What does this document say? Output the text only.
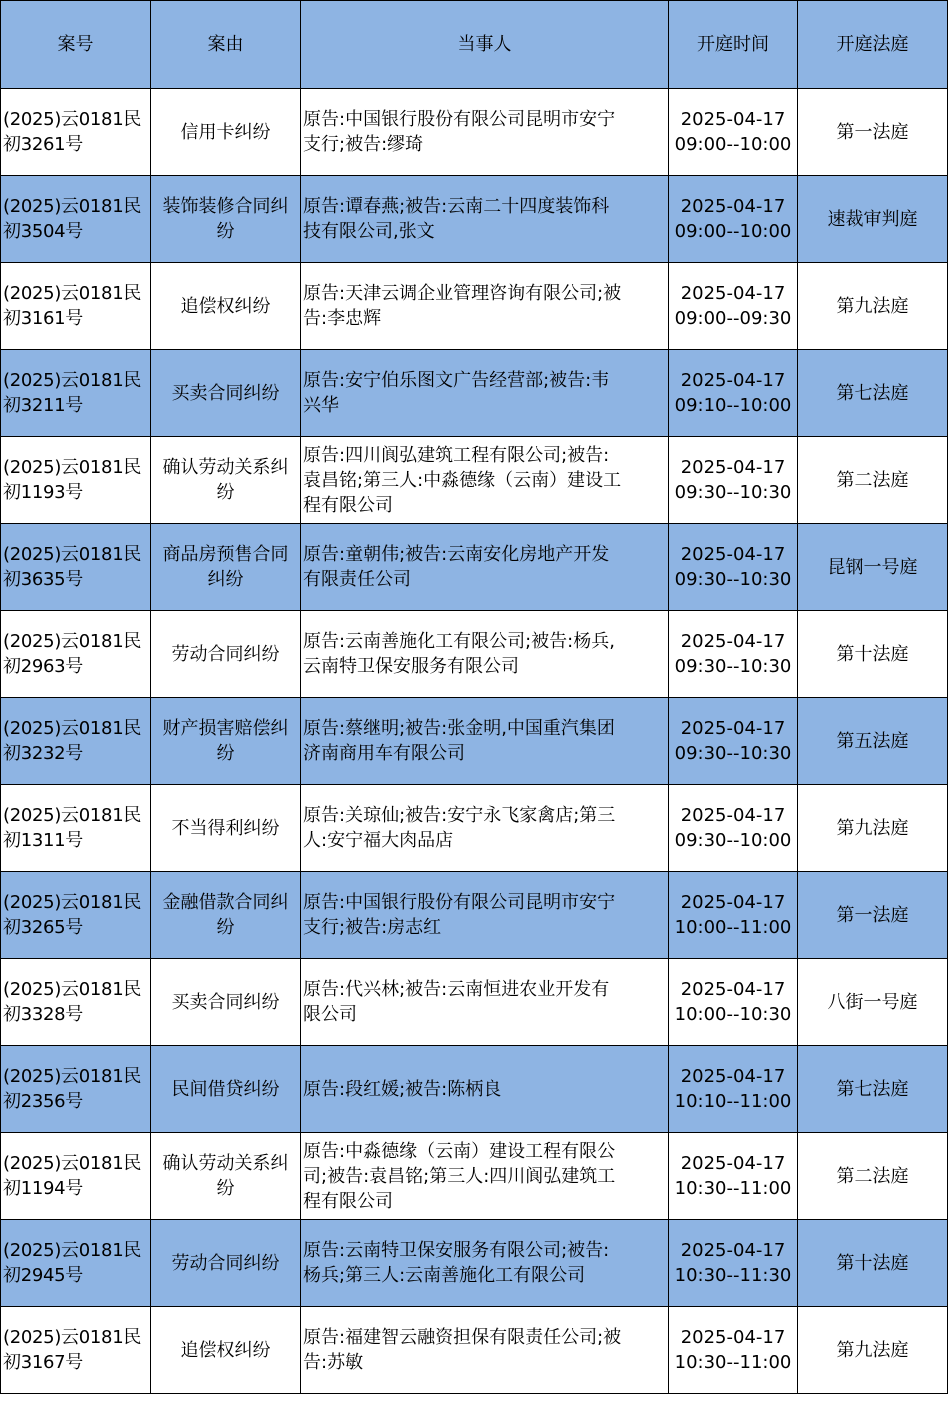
案号	案由	当事人	开庭时间	开庭法庭

(2025)云0181民
初3261号	信用卡纠纷	原告:中国银行股份有限公司昆明市安宁
支行;被告:缪琦	2025-04-17
09:00--10:00	第一法庭

(2025)云0181民
初3504号	装饰装修合同纠
纷	原告:谭春燕;被告:云南二十四度装饰科
技有限公司,张文	2025-04-17
09:00--10:00	速裁审判庭

(2025)云0181民
初3161号	追偿权纠纷	原告:天津云调企业管理咨询有限公司;被
告:李忠辉	2025-04-17
09:00--09:30	第九法庭

(2025)云0181民
初3211号	买卖合同纠纷	原告:安宁伯乐图文广告经营部;被告:韦
兴华	2025-04-17
09:10--10:00	第七法庭

(2025)云0181民
初1193号	确认劳动关系纠
纷	原告:四川阆弘建筑工程有限公司;被告:
袁昌铭;第三人:中淼德缘（云南）建设工
程有限公司	2025-04-17
09:30--10:30	第二法庭

(2025)云0181民
初3635号	商品房预售合同
纠纷	原告:童朝伟;被告:云南安化房地产开发
有限责任公司	2025-04-17
09:30--10:30	昆钢一号庭

(2025)云0181民
初2963号	劳动合同纠纷	原告:云南善施化工有限公司;被告:杨兵,
云南特卫保安服务有限公司	2025-04-17
09:30--10:30	第十法庭

(2025)云0181民
初3232号	财产损害赔偿纠
纷	原告:蔡继明;被告:张金明,中国重汽集团
济南商用车有限公司	2025-04-17
09:30--10:30	第五法庭

(2025)云0181民
初1311号	不当得利纠纷	原告:关琼仙;被告:安宁永飞家禽店;第三
人:安宁福大肉品店	2025-04-17
09:30--10:00	第九法庭

(2025)云0181民
初3265号	金融借款合同纠
纷	原告:中国银行股份有限公司昆明市安宁
支行;被告:房志红	2025-04-17
10:00--11:00	第一法庭

(2025)云0181民
初3328号	买卖合同纠纷	原告:代兴林;被告:云南恒进农业开发有
限公司	2025-04-17
10:00--10:30	八街一号庭

(2025)云0181民
初2356号	民间借贷纠纷	原告:段红媛;被告:陈柄良	2025-04-17
10:10--11:00	第七法庭

(2025)云0181民
初1194号	确认劳动关系纠
纷	原告:中淼德缘（云南）建设工程有限公
司;被告:袁昌铭;第三人:四川阆弘建筑工
程有限公司	2025-04-17
10:30--11:00	第二法庭

(2025)云0181民
初2945号	劳动合同纠纷	原告:云南特卫保安服务有限公司;被告:
杨兵;第三人:云南善施化工有限公司	2025-04-17
10:30--11:30	第十法庭

(2025)云0181民
初3167号	追偿权纠纷	原告:福建智云融资担保有限责任公司;被
告:苏敏	2025-04-17
10:30--11:00	第九法庭
